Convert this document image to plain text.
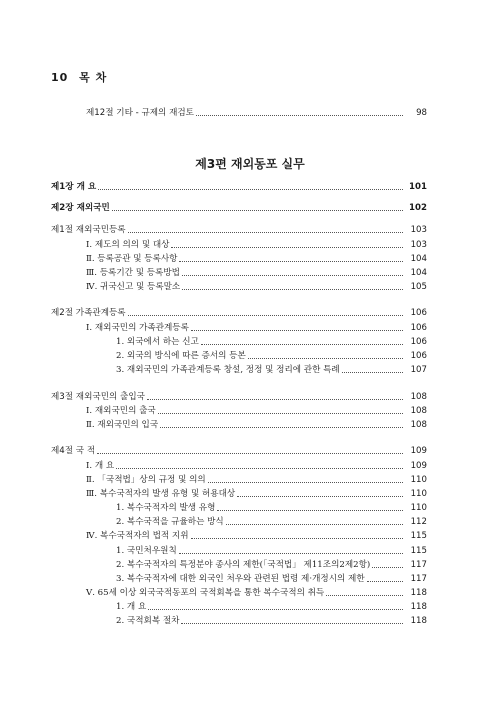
10 목 차
제12절 기타 - 규제의 재검토	98
제3편 재외동포 실무
제1장 개 요	101
제2장 재외국민	102
제1절 재외국민등록	103
Ⅰ. 제도의 의의 및 대상	103
Ⅱ. 등록공관 및 등록사항	104
Ⅲ. 등록기간 및 등록방법	104
Ⅳ. 귀국신고 및 등록말소	105
제2절 가족관계등록	106
Ⅰ. 재외국민의 가족관계등록	106
1. 외국에서 하는 신고	106
2. 외국의 방식에 따른 증서의 등본	106
3. 재외국민의 가족관계등록 창설, 정정 및 정리에 관한 특례	107
제3절 재외국민의 출입국	108
Ⅰ. 재외국민의 출국	108
Ⅱ. 재외국민의 입국	108
제4절 국 적	109
Ⅰ. 개 요	109
Ⅱ. 「국적법」상의 규정 및 의의	110
Ⅲ. 복수국적자의 발생 유형 및 허용대상	110
1. 복수국적자의 발생 유형	110
2. 복수국적을 규율하는 방식	112
Ⅳ. 복수국적자의 법적 지위	115
1. 국민처우원칙	115
2. 복수국적자의 특정분야 종사의 제한(「국적법」 제11조의2제2항)	117
3. 복수국적자에 대한 외국인 처우와 관련된 법령 제·개정시의 제한	117
Ⅴ. 65세 이상 외국국적동포의 국적회복을 통한 복수국적의 취득	118
1. 개 요	118
2. 국적회복 절차	118
